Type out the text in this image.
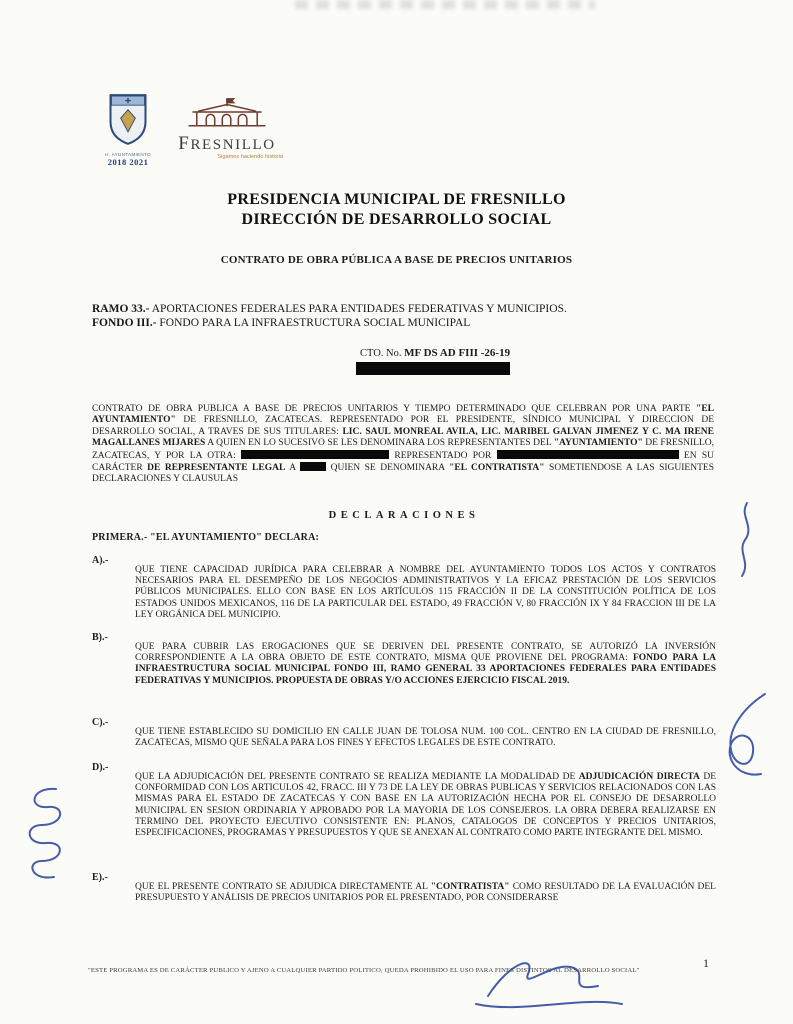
H. AYUNTAMIENTO
2018 2021
FRESNILLO
Sigamos haciendo historia
PRESIDENCIA MUNICIPAL DE FRESNILLO
DIRECCIÓN DE DESARROLLO SOCIAL
CONTRATO DE OBRA PÚBLICA A BASE DE PRECIOS UNITARIOS
RAMO 33.- APORTACIONES FEDERALES PARA ENTIDADES FEDERATIVAS Y MUNICIPIOS.
FONDO III.- FONDO PARA LA INFRAESTRUCTURA SOCIAL MUNICIPAL
CTO. No. MF DS AD FIII -26-19
CONTRATO DE OBRA PUBLICA A BASE DE PRECIOS UNITARIOS Y TIEMPO DETERMINADO QUE CELEBRAN POR UNA PARTE "EL AYUNTAMIENTO" DE FRESNILLO, ZACATECAS. REPRESENTADO POR EL PRESIDENTE, SÍNDICO MUNICIPAL Y DIRECCION DE DESARROLLO SOCIAL, A TRAVES DE SUS TITULARES: LIC. SAUL MONREAL AVILA, LIC. MARIBEL GALVAN JIMENEZ Y C. MA IRENE MAGALLANES MIJARES A QUIEN EN LO SUCESIVO SE LES DENOMINARA LOS REPRESENTANTES DEL "AYUNTAMIENTO" DE FRESNILLO, ZACATECAS, Y POR LA OTRA:	REPRESENTADO POR	EN SU CARÁCTER DE REPRESENTANTE LEGAL A	QUIEN SE DENOMINARA "EL CONTRATISTA" SOMETIENDOSE A LAS SIGUIENTES DECLARACIONES Y CLAUSULAS
DECLARACIONES
PRIMERA.- "EL AYUNTAMIENTO" DECLARA:
A).-
QUE TIENE CAPACIDAD JURÍDICA PARA CELEBRAR A NOMBRE DEL AYUNTAMIENTO TODOS LOS ACTOS Y CONTRATOS NECESARIOS PARA EL DESEMPEÑO DE LOS NEGOCIOS ADMINISTRATIVOS Y LA EFICAZ PRESTACIÓN DE LOS SERVICIOS PÚBLICOS MUNICIPALES. ELLO CON BASE EN LOS ARTÍCULOS 115 FRACCIÓN II DE LA CONSTITUCIÓN POLÍTICA DE LOS ESTADOS UNIDOS MEXICANOS, 116 DE LA PARTICULAR DEL ESTADO, 49 FRACCIÓN V, 80 FRACCIÓN IX Y 84 FRACCION III DE LA LEY ORGÁNICA DEL MUNICIPIO.
B).-
QUE PARA CUBRIR LAS EROGACIONES QUE SE DERIVEN DEL PRESENTE CONTRATO, SE AUTORIZÓ LA INVERSIÓN CORRESPONDIENTE A LA OBRA OBJETO DE ESTE CONTRATO, MISMA QUE PROVIENE DEL PROGRAMA: FONDO PARA LA INFRAESTRUCTURA SOCIAL MUNICIPAL FONDO III, RAMO GENERAL 33 APORTACIONES FEDERALES PARA ENTIDADES FEDERATIVAS Y MUNICIPIOS. PROPUESTA DE OBRAS Y/O ACCIONES EJERCICIO FISCAL 2019.
C).-
QUE TIENE ESTABLECIDO SU DOMICILIO EN CALLE JUAN DE TOLOSA NUM. 100 COL. CENTRO EN LA CIUDAD DE FRESNILLO, ZACATECAS, MISMO QUE SEÑALA PARA LOS FINES Y EFECTOS LEGALES DE ESTE CONTRATO.
D).-
QUE LA ADJUDICACIÓN DEL PRESENTE CONTRATO SE REALIZA MEDIANTE LA MODALIDAD DE ADJUDICACIÓN DIRECTA DE CONFORMIDAD CON LOS ARTICULOS 42, FRACC. III Y 73 DE LA LEY DE OBRAS PUBLICAS Y SERVICIOS RELACIONADOS CON LAS MISMAS PARA EL ESTADO DE ZACATECAS Y CON BASE EN LA AUTORIZACIÓN HECHA POR EL CONSEJO DE DESARROLLO MUNICIPAL EN SESION ORDINARIA Y APROBADO POR LA MAYORIA DE LOS CONSEJEROS. LA OBRA DEBERA REALIZARSE EN TERMINO DEL PROYECTO EJECUTIVO CONSISTENTE EN: PLANOS, CATALOGOS DE CONCEPTOS Y PRECIOS UNITARIOS, ESPECIFICACIONES, PROGRAMAS Y PRESUPUESTOS Y QUE SE ANEXAN AL CONTRATO COMO PARTE INTEGRANTE DEL MISMO.
E).-
QUE EL PRESENTE CONTRATO SE ADJUDICA DIRECTAMENTE AL "CONTRATISTA" COMO RESULTADO DE LA EVALUACIÓN DEL PRESUPUESTO Y ANÁLISIS DE PRECIOS UNITARIOS POR EL PRESENTADO, POR CONSIDERARSE
"ESTE PROGRAMA ES DE CARÁCTER PUBLICO Y AJENO A CUALQUIER PARTIDO POLITICO, QUEDA PROHIBIDO EL USO PARA FINES DISTINTOS AL DESARROLLO SOCIAL"
1
